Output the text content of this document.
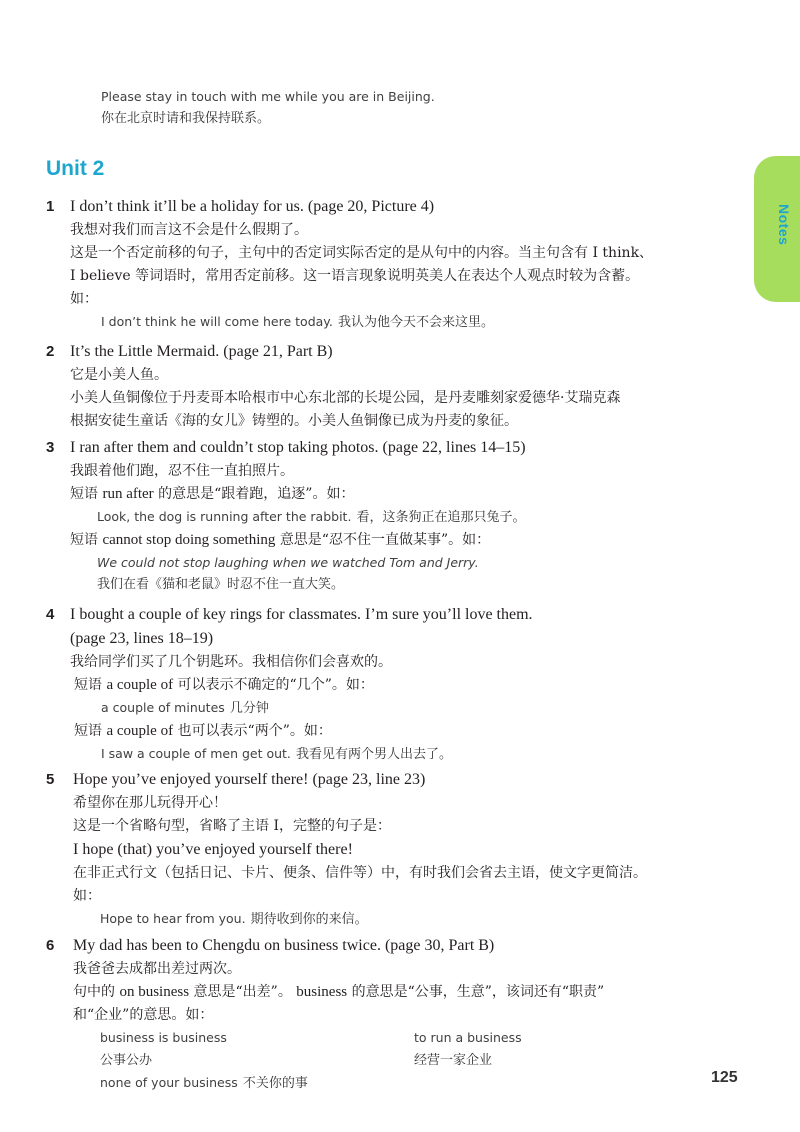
Please stay in touch with me while you are in Beijing.
你在北京时请和我保持联系。
Unit 2
Notes
1 I don’t think it’ll be a holiday for us. (page 20, Picture 4)
我想对我们而言这不会是什么假期了。
这是一个否定前移的句子，主句中的否定词实际否定的是从句中的内容。当主句含有 I think、
I believe 等词语时，常用否定前移。这一语言现象说明英美人在表达个人观点时较为含蓄。
如：
I don’t think he will come here today. 我认为他今天不会来这里。
2 It’s the Little Mermaid. (page 21, Part B)
它是小美人鱼。
小美人鱼铜像位于丹麦哥本哈根市中心东北部的长堤公园，是丹麦雕刻家爱德华·艾瑞克森
根据安徒生童话《海的女儿》铸塑的。小美人鱼铜像已成为丹麦的象征。
3 I ran after them and couldn’t stop taking photos. (page 22, lines 14–15)
我跟着他们跑，忍不住一直拍照片。
短语 run after 的意思是“跟着跑，追逐”。如：
Look, the dog is running after the rabbit. 看，这条狗正在追那只兔子。
短语 cannot stop doing something 意思是“忍不住一直做某事”。如：
We could not stop laughing when we watched Tom and Jerry.
我们在看《猫和老鼠》时忍不住一直大笑。
4 I bought a couple of key rings for classmates. I’m sure you’ll love them.
(page 23, lines 18–19)
我给同学们买了几个钥匙环。我相信你们会喜欢的。
短语 a couple of 可以表示不确定的“几个”。如：
a couple of minutes 几分钟
短语 a couple of 也可以表示“两个”。如：
I saw a couple of men get out. 我看见有两个男人出去了。
5 Hope you’ve enjoyed yourself there! (page 23, line 23)
希望你在那儿玩得开心！
这是一个省略句型，省略了主语 I，完整的句子是：
I hope (that) you’ve enjoyed yourself there!
在非正式行文（包括日记、卡片、便条、信件等）中，有时我们会省去主语，使文字更简洁。
如：
Hope to hear from you. 期待收到你的来信。
6 My dad has been to Chengdu on business twice. (page 30, Part B)
我爸爸去成都出差过两次。
句中的 on business 意思是“出差”。 business 的意思是“公事，生意”，该词还有“职责”
和“企业”的意思。如：
business is business 公事公办
to run a business 经营一家企业
none of your business 不关你的事	125
